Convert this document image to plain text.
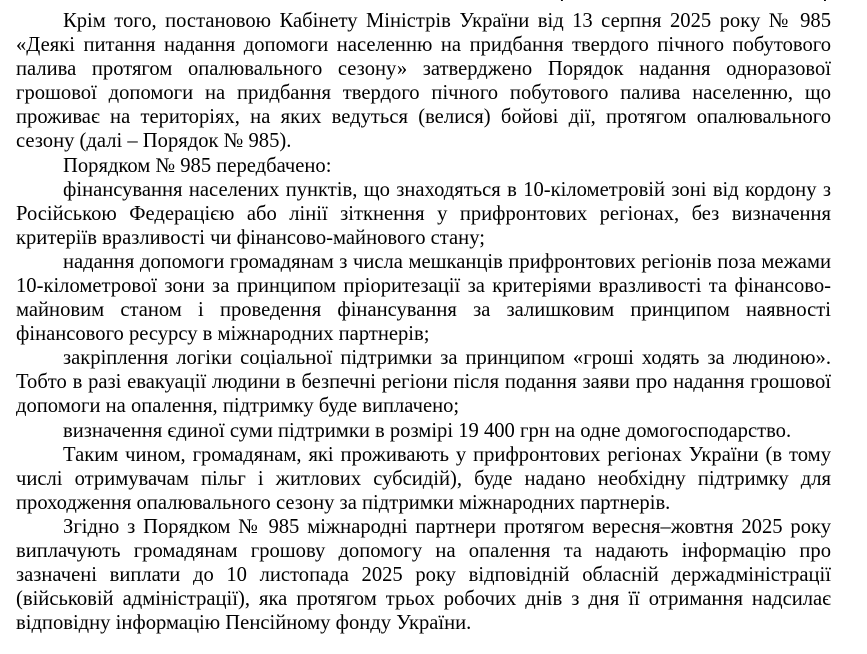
Крім того, постановою Кабінету Міністрів України від 13 серпня 2025 року № 985 «Деякі питання надання допомоги населенню на придбання твердого пічного побутового палива протягом опалювального сезону» затверджено Порядок надання одноразової грошової допомоги на придбання твердого пічного побутового палива населенню, що проживає на територіях, на яких ведуться (велися) бойові дії, протягом опалювального сезону (далі – Порядок № 985).

Порядком № 985 передбачено:

фінансування населених пунктів, що знаходяться в 10-кілометровій зоні від кордону з Російською Федерацією або лінії зіткнення у прифронтових регіонах, без визначення критеріїв вразливості чи фінансово-майнового стану;

надання допомоги громадянам з числа мешканців прифронтових регіонів поза межами 10-кілометрової зони за принципом пріоритезації за критеріями вразливості та фінансово-майновим станом і проведення фінансування за залишковим принципом наявності фінансового ресурсу в міжнародних партнерів;

закріплення логіки соціальної підтримки за принципом «гроші ходять за людиною». Тобто в разі евакуації людини в безпечні регіони після подання заяви про надання грошової допомоги на опалення, підтримку буде виплачено;

визначення єдиної суми підтримки в розмірі 19 400 грн на одне домогосподарство.

Таким чином, громадянам, які проживають у прифронтових регіонах України (в тому числі отримувачам пільг і житлових субсидій), буде надано необхідну підтримку для проходження опалювального сезону за підтримки міжнародних партнерів.

Згідно з Порядком № 985 міжнародні партнери протягом вересня–жовтня 2025 року виплачують громадянам грошову допомогу на опалення та надають інформацію про зазначені виплати до 10 листопада 2025 року відповідній обласній держадміністрації (військовій адміністрації), яка протягом трьох робочих днів з дня її отримання надсилає відповідну інформацію Пенсійному фонду України.
